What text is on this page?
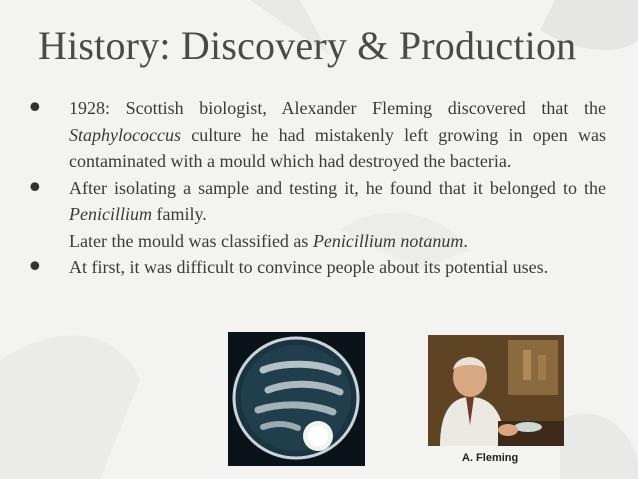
History: Discovery & Production
• 1928: Scottish biologist, Alexander Fleming discovered that the Staphylococcus culture he had mistakenly left growing in open was contaminated with a mould which had destroyed the bacteria.
• After isolating a sample and testing it, he found that it belonged to the Penicillium family.
Later the mould was classified as Penicillium notanum.
• At first, it was difficult to convince people about its potential uses.

A. Fleming
